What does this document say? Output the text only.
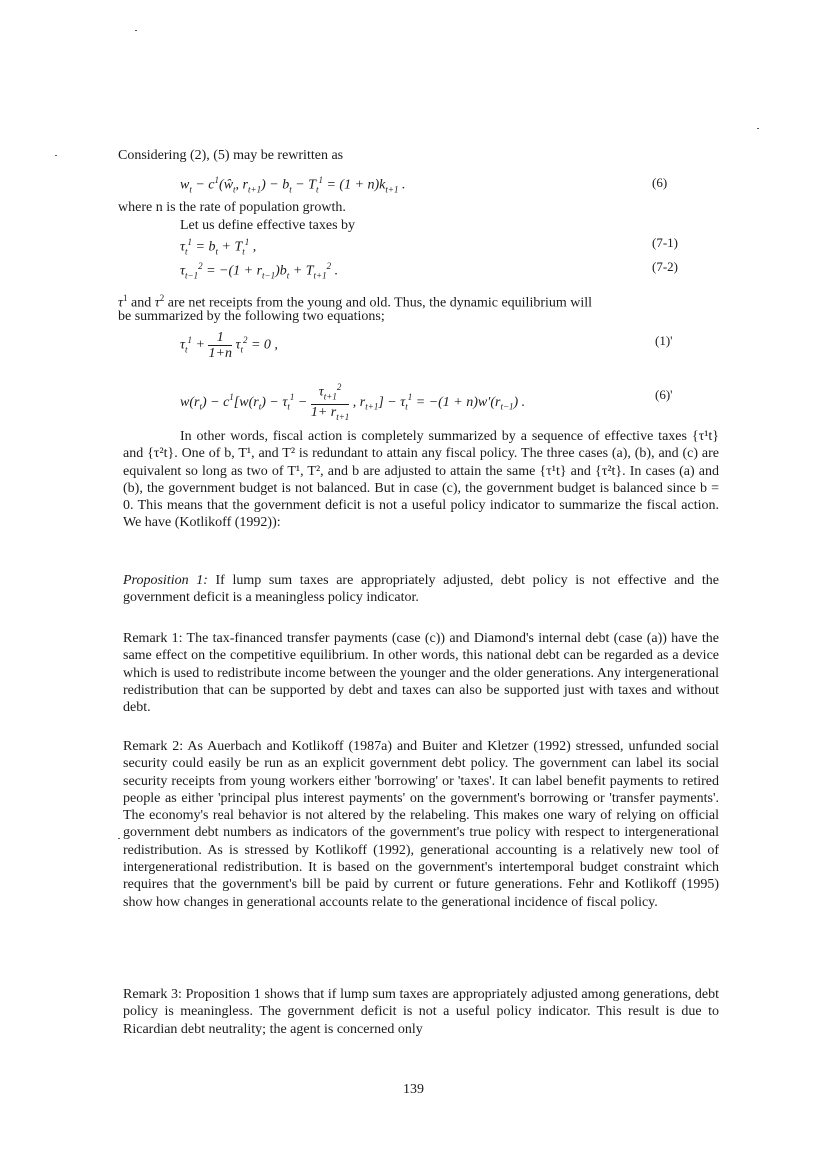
Considering (2), (5) may be rewritten as
$w_t$ − $c^1(ŵ_t$, $r_{t+1}) - b_t - T_t^1 = (1 + n)k_{t+1}$ .	(6)
where n is the rate of population growth.
Let us define effective taxes by
$\tau_t^1 = b_t + T_t^1$ ,	(7-1)
$\tau_{t-1}^2 = -(1 + r_{t-1})b_t + T_{t+1}^2$ .	(7-2)
$\tau^1$ and $\tau^2$ are net receipts from the young and old. Thus, the dynamic equilibrium will
be summarized by the following two equations;
$\tau_t^1 + \frac{1}{1+n} \tau_t^2 = 0$ ,	(1)'
$w(r_t) - c^1[w(r_t) - \tau_t^1 - \frac{\tau_{t+1}^2}{1+ r_{t+1}}$ , $r_{t+1}] - \tau_t^1 = -(1 + n)w'(r_{t-1})$ .
(6)'
In other words, fiscal action is completely summarized by a sequence of effective taxes {τ¹t} and {τ²t}. One of b, T¹, and T² is redundant to attain any fiscal policy. The three cases (a), (b), and (c) are equivalent so long as two of T¹, T², and b are adjusted to attain the same {τ¹t} and {τ²t}. In cases (a) and (b), the government budget is not balanced. But in case (c), the government budget is balanced since b = 0. This means that the government deficit is not a useful policy indicator to summarize the fiscal action. We have (Kotlikoff (1992)):
Proposition 1: If lump sum taxes are appropriately adjusted, debt policy is not effective and the government deficit is a meaningless policy indicator.
Remark 1: The tax-financed transfer payments (case (c)) and Diamond's internal debt (case (a)) have the same effect on the competitive equilibrium. In other words, this national debt can be regarded as a device which is used to redistribute income between the younger and the older generations. Any intergenerational redistribution that can be supported by debt and taxes can also be supported just with taxes and without debt.
Remark 2: As Auerbach and Kotlikoff (1987a) and Buiter and Kletzer (1992) stressed, unfunded social security could easily be run as an explicit government debt policy. The government can label its social security receipts from young workers either 'borrowing' or 'taxes'. It can label benefit payments to retired people as either 'principal plus interest payments' on the government's borrowing or 'transfer payments'. The economy's real behavior is not altered by the relabeling. This makes one wary of relying on official government debt numbers as indicators of the government's true policy with respect to intergenerational redistribution. As is stressed by Kotlikoff (1992), generational accounting is a relatively new tool of intergenerational redistribution. It is based on the government's intertemporal budget constraint which requires that the government's bill be paid by current or future generations. Fehr and Kotlikoff (1995) show how changes in generational accounts relate to the generational incidence of fiscal policy.
Remark 3: Proposition 1 shows that if lump sum taxes are appropriately adjusted among generations, debt policy is meaningless. The government deficit is not a useful policy indicator. This result is due to Ricardian debt neutrality; the agent is concerned only
139
